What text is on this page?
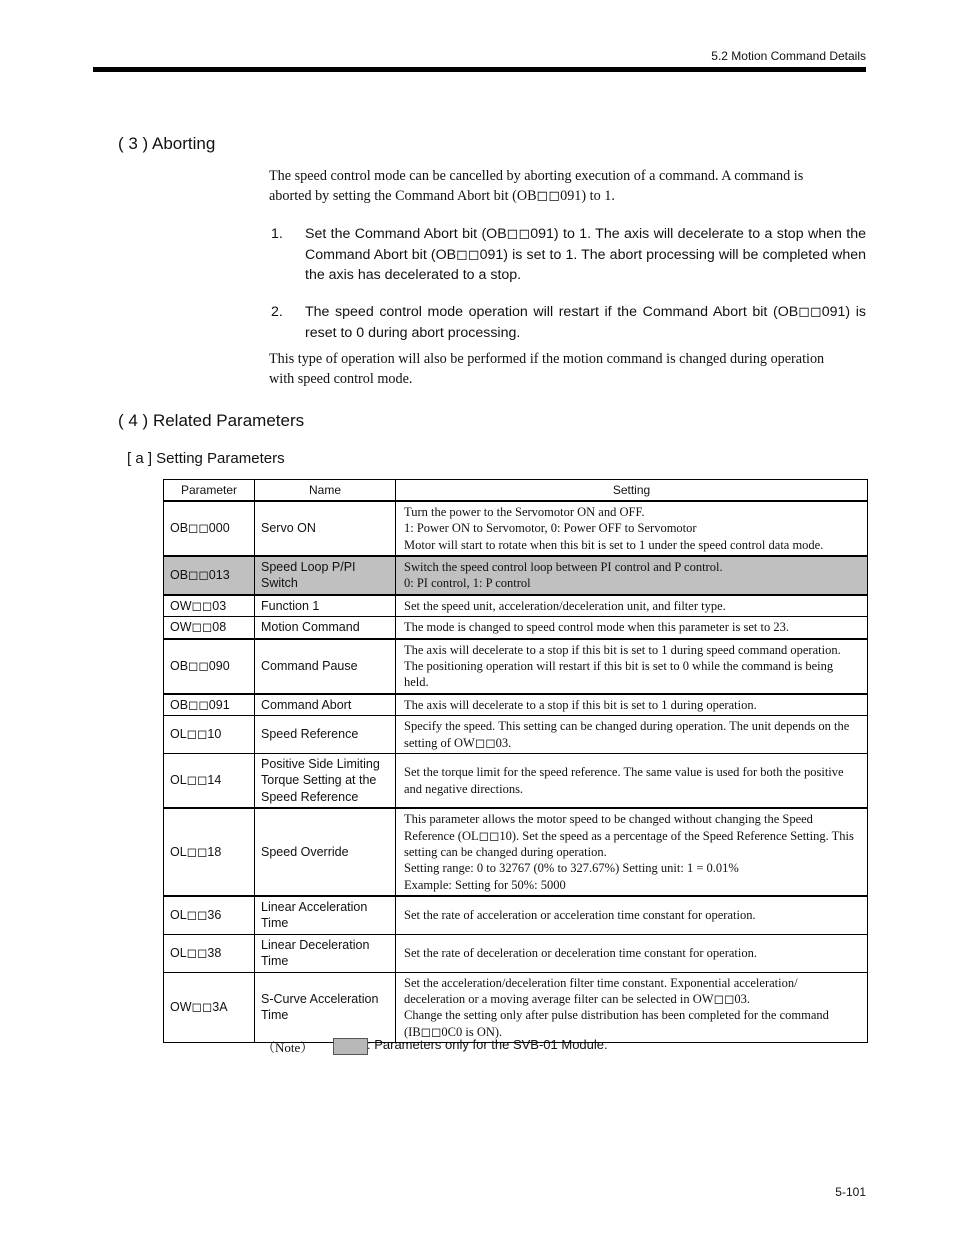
5.2 Motion Command Details
( 3 ) Aborting
The speed control mode can be cancelled by aborting execution of a command. A command is
aborted by setting the Command Abort bit (OB◻◻091) to 1.
1. Set the Command Abort bit (OB◻◻091) to 1. The axis will decelerate to a stop when the Command Abort bit (OB◻◻091) is set to 1. The abort processing will be completed when the axis has decelerated to a stop.
2. The speed control mode operation will restart if the Command Abort bit (OB◻◻091) is reset to 0 during abort processing.
This type of operation will also be performed if the motion command is changed during operation
with speed control mode.
( 4 ) Related Parameters
[ a ] Setting Parameters
Parameter	Name	Setting
OB◻◻000	Servo ON	Turn the power to the Servomotor ON and OFF.
1: Power ON to Servomotor, 0: Power OFF to Servomotor
Motor will start to rotate when this bit is set to 1 under the speed control data mode.

OB◻◻013	Speed Loop P/PI Switch	Switch the speed control loop between PI control and P control.
0: PI control, 1: P control

OW◻◻03	Function 1	Set the speed unit, acceleration/deceleration unit, and filter type.

OW◻◻08	Motion Command	The mode is changed to speed control mode when this parameter is set to 23.

OB◻◻090	Command Pause	The axis will decelerate to a stop if this bit is set to 1 during speed command operation. The positioning operation will restart if this bit is set to 0 while the command is being held.

OB◻◻091	Command Abort	The axis will decelerate to a stop if this bit is set to 1 during operation.

OL◻◻10	Speed Reference	Specify the speed. This setting can be changed during operation. The unit depends on the setting of OW◻◻03.

OL◻◻14	Positive Side Limiting Torque Setting at the Speed Reference	Set the torque limit for the speed reference. The same value is used for both the positive and negative directions.

OL◻◻18	Speed Override	This parameter allows the motor speed to be changed without changing the Speed Reference (OL◻◻10). Set the speed as a percentage of the Speed Reference Setting. This setting can be changed during operation.
Setting range: 0 to 32767 (0% to 327.67%) Setting unit: 1 = 0.01%
Example: Setting for 50%: 5000

OL◻◻36	Linear Acceleration Time	Set the rate of acceleration or acceleration time constant for operation.

OL◻◻38	Linear Deceleration Time	Set the rate of deceleration or deceleration time constant for operation.

OW◻◻3A	S-Curve Acceleration Time	Set the acceleration/deceleration filter time constant. Exponential acceleration/ deceleration or a moving average filter can be selected in OW◻◻03.
Change the setting only after pulse distribution has been completed for the command (IB◻◻0C0 is ON).
（Note）	: Parameters only for the SVB-01 Module.
5-101
